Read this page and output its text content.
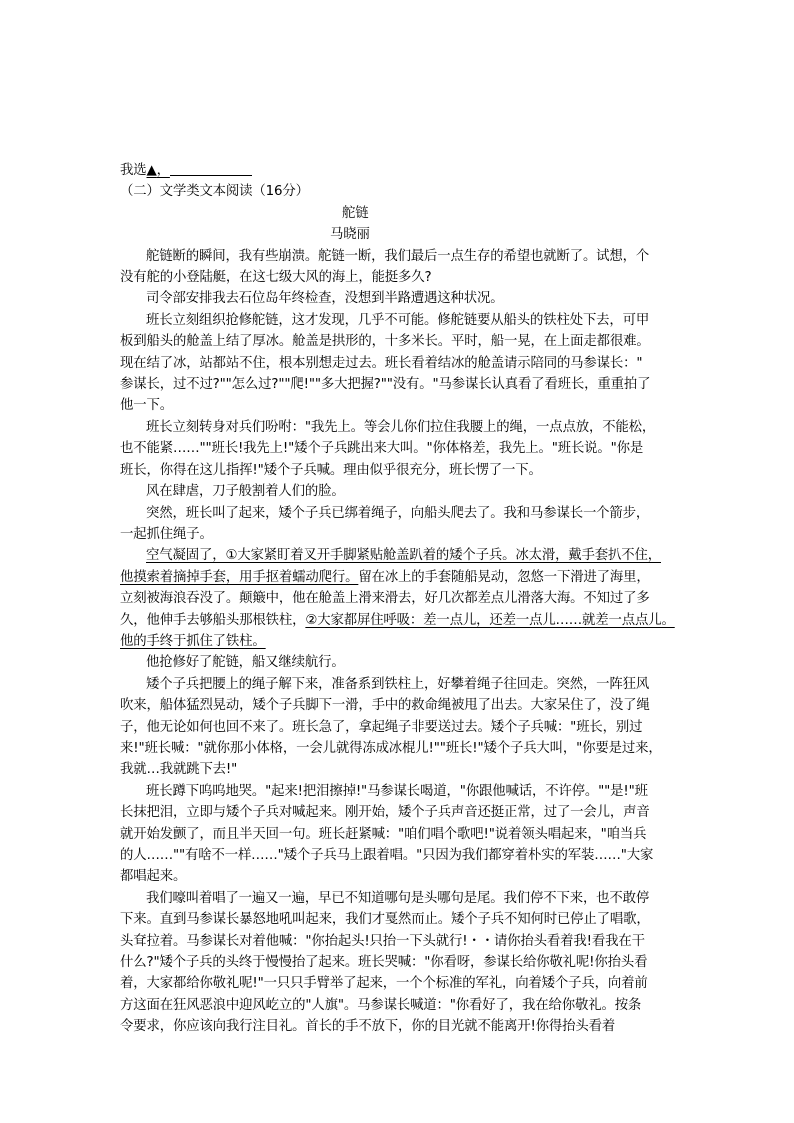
我选▲，
（二）文学类文本阅读（16分）
舵链
马晓丽
舵链断的瞬间，我有些崩溃。舵链一断，我们最后一点生存的希望也就断了。试想，个
没有舵的小登陆艇，在这七级大风的海上，能挺多久?
司令部安排我去石位岛年终检查，没想到半路遭遇这种状况。
班长立刻组织抢修舵链，这才发现，几乎不可能。修舵链要从船头的铁柱处下去，可甲
板到船头的舱盖上结了厚冰。舱盖是拱形的，十多米长。平时，船一晃，在上面走都很难。
现在结了冰，站都站不住，根本别想走过去。班长看着结冰的舱盖请示陪同的马参谋长："
参谋长，过不过?""怎么过?""爬!""多大把握?""没有。"马参谋长认真看了看班长，重重拍了
他一下。
班长立刻转身对兵们吩咐："我先上。等会儿你们拉住我腰上的绳，一点点放，不能松，
也不能紧……""班长!我先上!"矮个子兵跳出来大叫。"你体格差，我先上。"班长说。"你是
班长，你得在这儿指挥!"矮个子兵喊。理由似乎很充分，班长愣了一下。
风在肆虐，刀子般割着人们的脸。
突然，班长叫了起来，矮个子兵已绑着绳子，向船头爬去了。我和马参谋长一个箭步，
一起抓住绳子。
空气凝固了，①大家紧盯着叉开手脚紧贴舱盖趴着的矮个子兵。冰太滑，戴手套扒不住，
他摸索着摘掉手套，用手抠着蠕动爬行。留在冰上的手套随船晃动，忽悠一下滑进了海里，
立刻被海浪吞没了。颠簸中，他在舱盖上滑来滑去，好几次都差点儿滑落大海。不知过了多
久，他伸手去够船头那根铁柱，②大家都屏住呼吸：差一点儿，还差一点儿……就差一点点儿。
他的手终于抓住了铁柱。
他抢修好了舵链，船又继续航行。
矮个子兵把腰上的绳子解下来，准备系到铁柱上，好攀着绳子往回走。突然，一阵狂风
吹来，船体猛烈晃动，矮个子兵脚下一滑，手中的救命绳被甩了出去。大家呆住了，没了绳
子，他无论如何也回不来了。班长急了，拿起绳子非要送过去。矮个子兵喊："班长，别过
来!"班长喊："就你那小体格，一会儿就得冻成冰棍儿!""班长!"矮个子兵大叫，"你要是过来，
我就…我就跳下去!"
班长蹲下呜呜地哭。"起来!把泪擦掉!"马参谋长喝道，"你跟他喊话，不许停。""是!"班
长抹把泪，立即与矮个子兵对喊起来。刚开始，矮个子兵声音还挺正常，过了一会儿，声音
就开始发颤了，而且半天回一句。班长赶紧喊："咱们唱个歌吧!"说着领头唱起来，"咱当兵
的人……""有啥不一样……"矮个子兵马上跟着唱。"只因为我们都穿着朴实的军装……"大家
都唱起来。
我们嚎叫着唱了一遍又一遍，早已不知道哪句是头哪句是尾。我们停不下来，也不敢停
下来。直到马参谋长暴怒地吼叫起来，我们才戛然而止。矮个子兵不知何时已停止了唱歌，
头耷拉着。马参谋长对着他喊："你抬起头!只抬一下头就行!・・请你抬头看着我!看我在干
什么?"矮个子兵的头终于慢慢抬了起来。班长哭喊："你看呀，参谋长给你敬礼呢!你抬头看
着，大家都给你敬礼呢!"一只只手臂举了起来，一个个标准的军礼，向着矮个子兵，向着前
方这面在狂风恶浪中迎风屹立的"人旗"。马参谋长喊道："你看好了，我在给你敬礼。按条
令要求，你应该向我行注目礼。首长的手不放下，你的目光就不能离开!你得抬头看着
